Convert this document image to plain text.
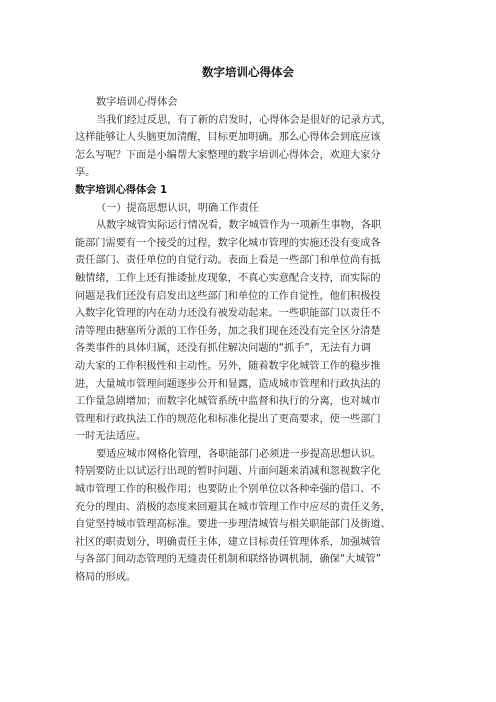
数字培训心得体会

数字培训心得体会

当我们经过反思，有了新的启发时，心得体会是很好的记录方式，
这样能够让人头脑更加清醒，目标更加明确。那么心得体会到底应该
怎么写呢？下面是小编帮大家整理的数字培训心得体会，欢迎大家分
享。

数字培训心得体会 1

（一）提高思想认识，明确工作责任

从数字城管实际运行情况看，数字城管作为一项新生事物，各职
能部门需要有一个接受的过程，数字化城市管理的实施还没有变成各
责任部门、责任单位的自觉行动。表面上看是一些部门和单位尚有抵
触情绪，工作上还有推诿扯皮现象，不真心实意配合支持，而实际的
问题是我们还没有启发出这些部门和单位的工作自觉性，他们积极投
入数字化管理的内在动力还没有被发动起来。一些职能部门以责任不
清等理由搪塞所分派的工作任务，加之我们现在还没有完全区分清楚
各类事件的具体归属，还没有抓住解决问题的“抓手”，无法有力调
动大家的工作积极性和主动性。另外，随着数字化城管工作的稳步推
进，大量城市管理问题逐步公开和显露，造成城市管理和行政执法的
工作量急剧增加；而数字化城管系统中监督和执行的分离，也对城市
管理和行政执法工作的规范化和标准化提出了更高要求，使一些部门
一时无法适应。

要适应城市网格化管理，各职能部门必须进一步提高思想认识。
特别要防止以试运行出现的暂时问题、片面问题来消减和忽视数字化
城市管理工作的积极作用；也要防止个别单位以各种牵强的借口、不
充分的理由、消极的态度来回避其在城市管理工作中应尽的责任义务，
自觉坚持城市管理高标准。要进一步理清城管与相关职能部门及街道、
社区的职责划分，明确责任主体，建立目标责任管理体系，加强城管
与各部门间动态管理的无缝责任机制和联络协调机制，确保“大城管”
格局的形成。
